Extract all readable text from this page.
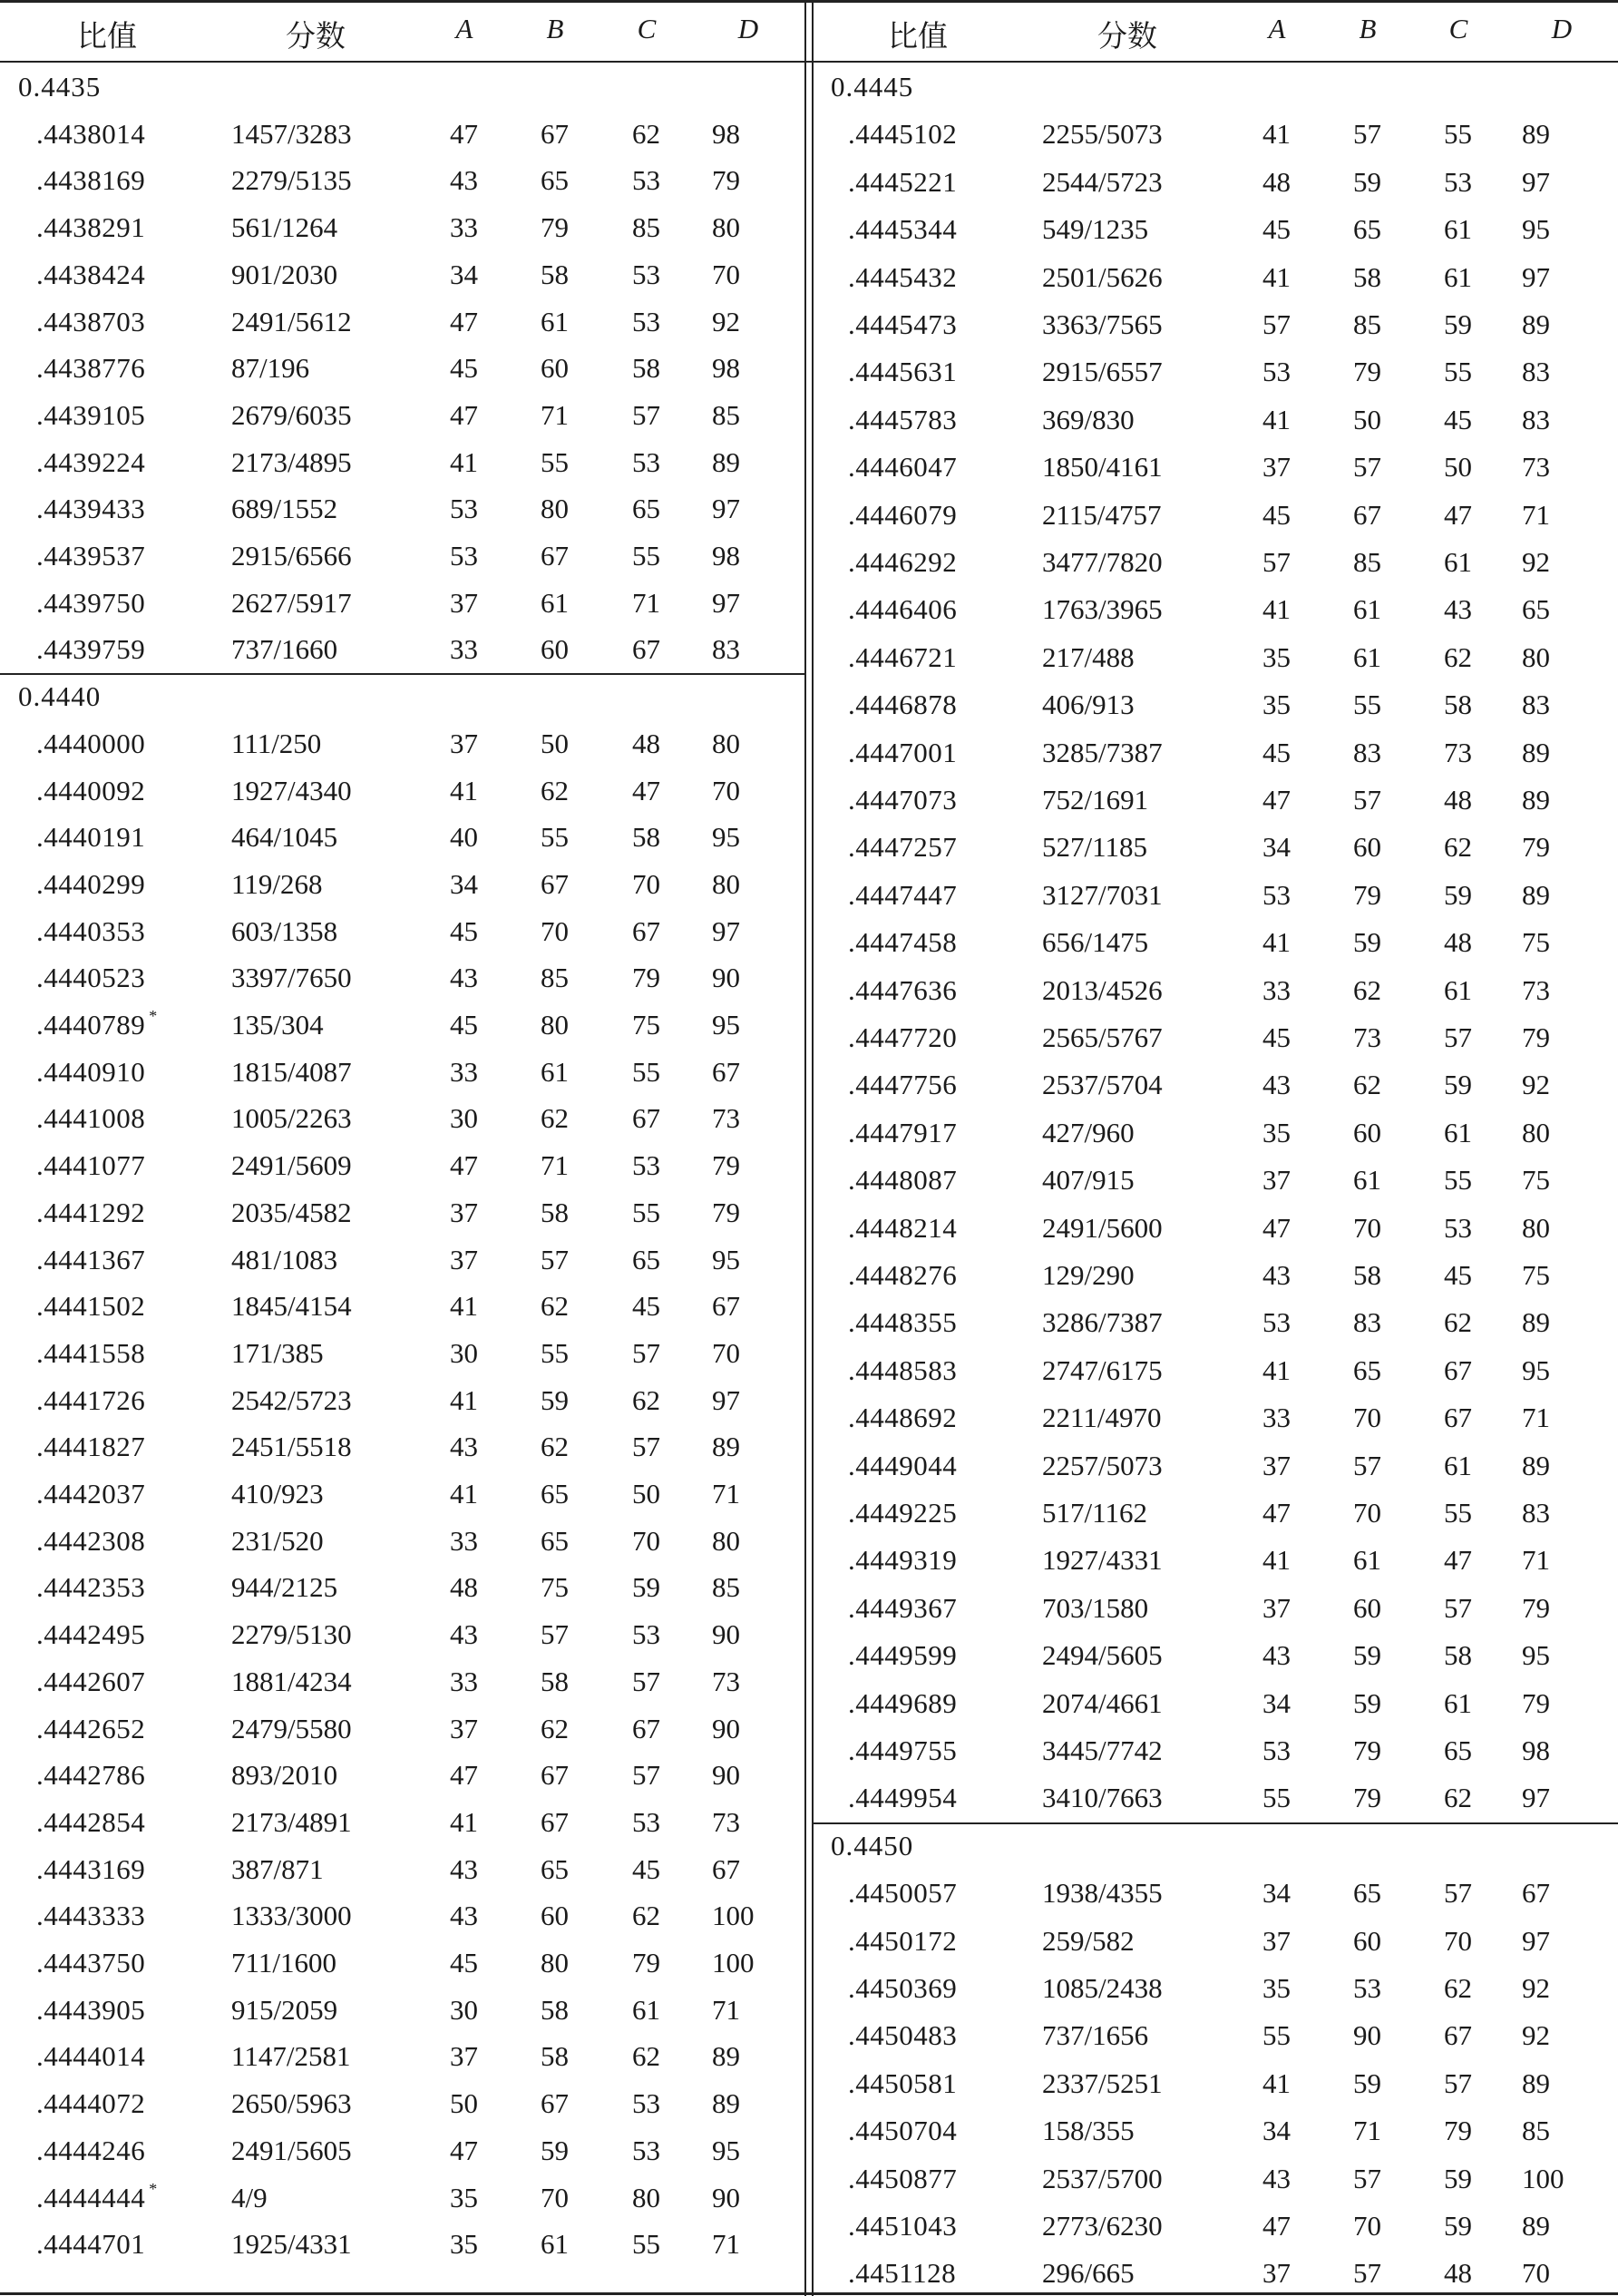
比值	分数	A	B	C	D	比值	分数	A	B	C	D
0.4435
.4438014	1457/3283	47 67 62 98
.4438169	2279/5135	43 65 53 79
.4438291	561/1264	33 79 85 80
.4438424	901/2030	34 58 53 70
.4438703	2491/5612	47 61 53 92
.4438776	87/196	45 60 58 98
.4439105	2679/6035	47 71 57 85
.4439224	2173/4895	41 55 53 89
.4439433	689/1552	53 80 65 97
.4439537	2915/6566	53 67 55 98
.4439750	2627/5917	37 61 71 97
.4439759	737/1660	33 60 67 83
0.4440
.4440000	111/250	37 50 48 80
.4440092	1927/4340	41 62 47 70
.4440191	464/1045	40 55 58 95
.4440299	119/268	34 67 70 80
.4440353	603/1358	45 70 67 97
.4440523	3397/7650	43 85 79 90
.4440789 *	135/304	45 80 75 95
.4440910	1815/4087	33 61 55 67
.4441008	1005/2263	30 62 67 73
.4441077	2491/5609	47 71 53 79
.4441292	2035/4582	37 58 55 79
.4441367	481/1083	37 57 65 95
.4441502	1845/4154	41 62 45 67
.4441558	171/385	30 55 57 70
.4441726	2542/5723	41 59 62 97
.4441827	2451/5518	43 62 57 89
.4442037	410/923	41 65 50 71
.4442308	231/520	33 65 70 80
.4442353	944/2125	48 75 59 85
.4442495	2279/5130	43 57 53 90
.4442607	1881/4234	33 58 57 73
.4442652	2479/5580	37 62 67 90
.4442786	893/2010	47 67 57 90
.4442854	2173/4891	41 67 53 73
.4443169	387/871	43 65 45 67
.4443333	1333/3000	43 60 62 100
.4443750	711/1600	45 80 79 100
.4443905	915/2059	30 58 61 71
.4444014	1147/2581	37 58 62 89
.4444072	2650/5963	50 67 53 89
.4444246	2491/5605	47 59 53 95
.4444444 *	4/9	35 70 80 90
.4444701	1925/4331	35 61 55 71
0.4445
.4445102	2255/5073	41 57 55 89
.4445221	2544/5723	48 59 53 97
.4445344	549/1235	45 65 61 95
.4445432	2501/5626	41 58 61 97
.4445473	3363/7565	57 85 59 89
.4445631	2915/6557	53 79 55 83
.4445783	369/830	41 50 45 83
.4446047	1850/4161	37 57 50 73
.4446079	2115/4757	45 67 47 71
.4446292	3477/7820	57 85 61 92
.4446406	1763/3965	41 61 43 65
.4446721	217/488	35 61 62 80
.4446878	406/913	35 55 58 83
.4447001	3285/7387	45 83 73 89
.4447073	752/1691	47 57 48 89
.4447257	527/1185	34 60 62 79
.4447447	3127/7031	53 79 59 89
.4447458	656/1475	41 59 48 75
.4447636	2013/4526	33 62 61 73
.4447720	2565/5767	45 73 57 79
.4447756	2537/5704	43 62 59 92
.4447917	427/960	35 60 61 80
.4448087	407/915	37 61 55 75
.4448214	2491/5600	47 70 53 80
.4448276	129/290	43 58 45 75
.4448355	3286/7387	53 83 62 89
.4448583	2747/6175	41 65 67 95
.4448692	2211/4970	33 70 67 71
.4449044	2257/5073	37 57 61 89
.4449225	517/1162	47 70 55 83
.4449319	1927/4331	41 61 47 71
.4449367	703/1580	37 60 57 79
.4449599	2494/5605	43 59 58 95
.4449689	2074/4661	34 59 61 79
.4449755	3445/7742	53 79 65 98
.4449954	3410/7663	55 79 62 97
0.4450
.4450057	1938/4355	34 65 57 67
.4450172	259/582	37 60 70 97
.4450369	1085/2438	35 53 62 92
.4450483	737/1656	55 90 67 92
.4450581	2337/5251	41 59 57 89
.4450704	158/355	34 71 79 85
.4450877	2537/5700	43 57 59 100
.4451043	2773/6230	47 70 59 89
.4451128	296/665	37 57 48 70
